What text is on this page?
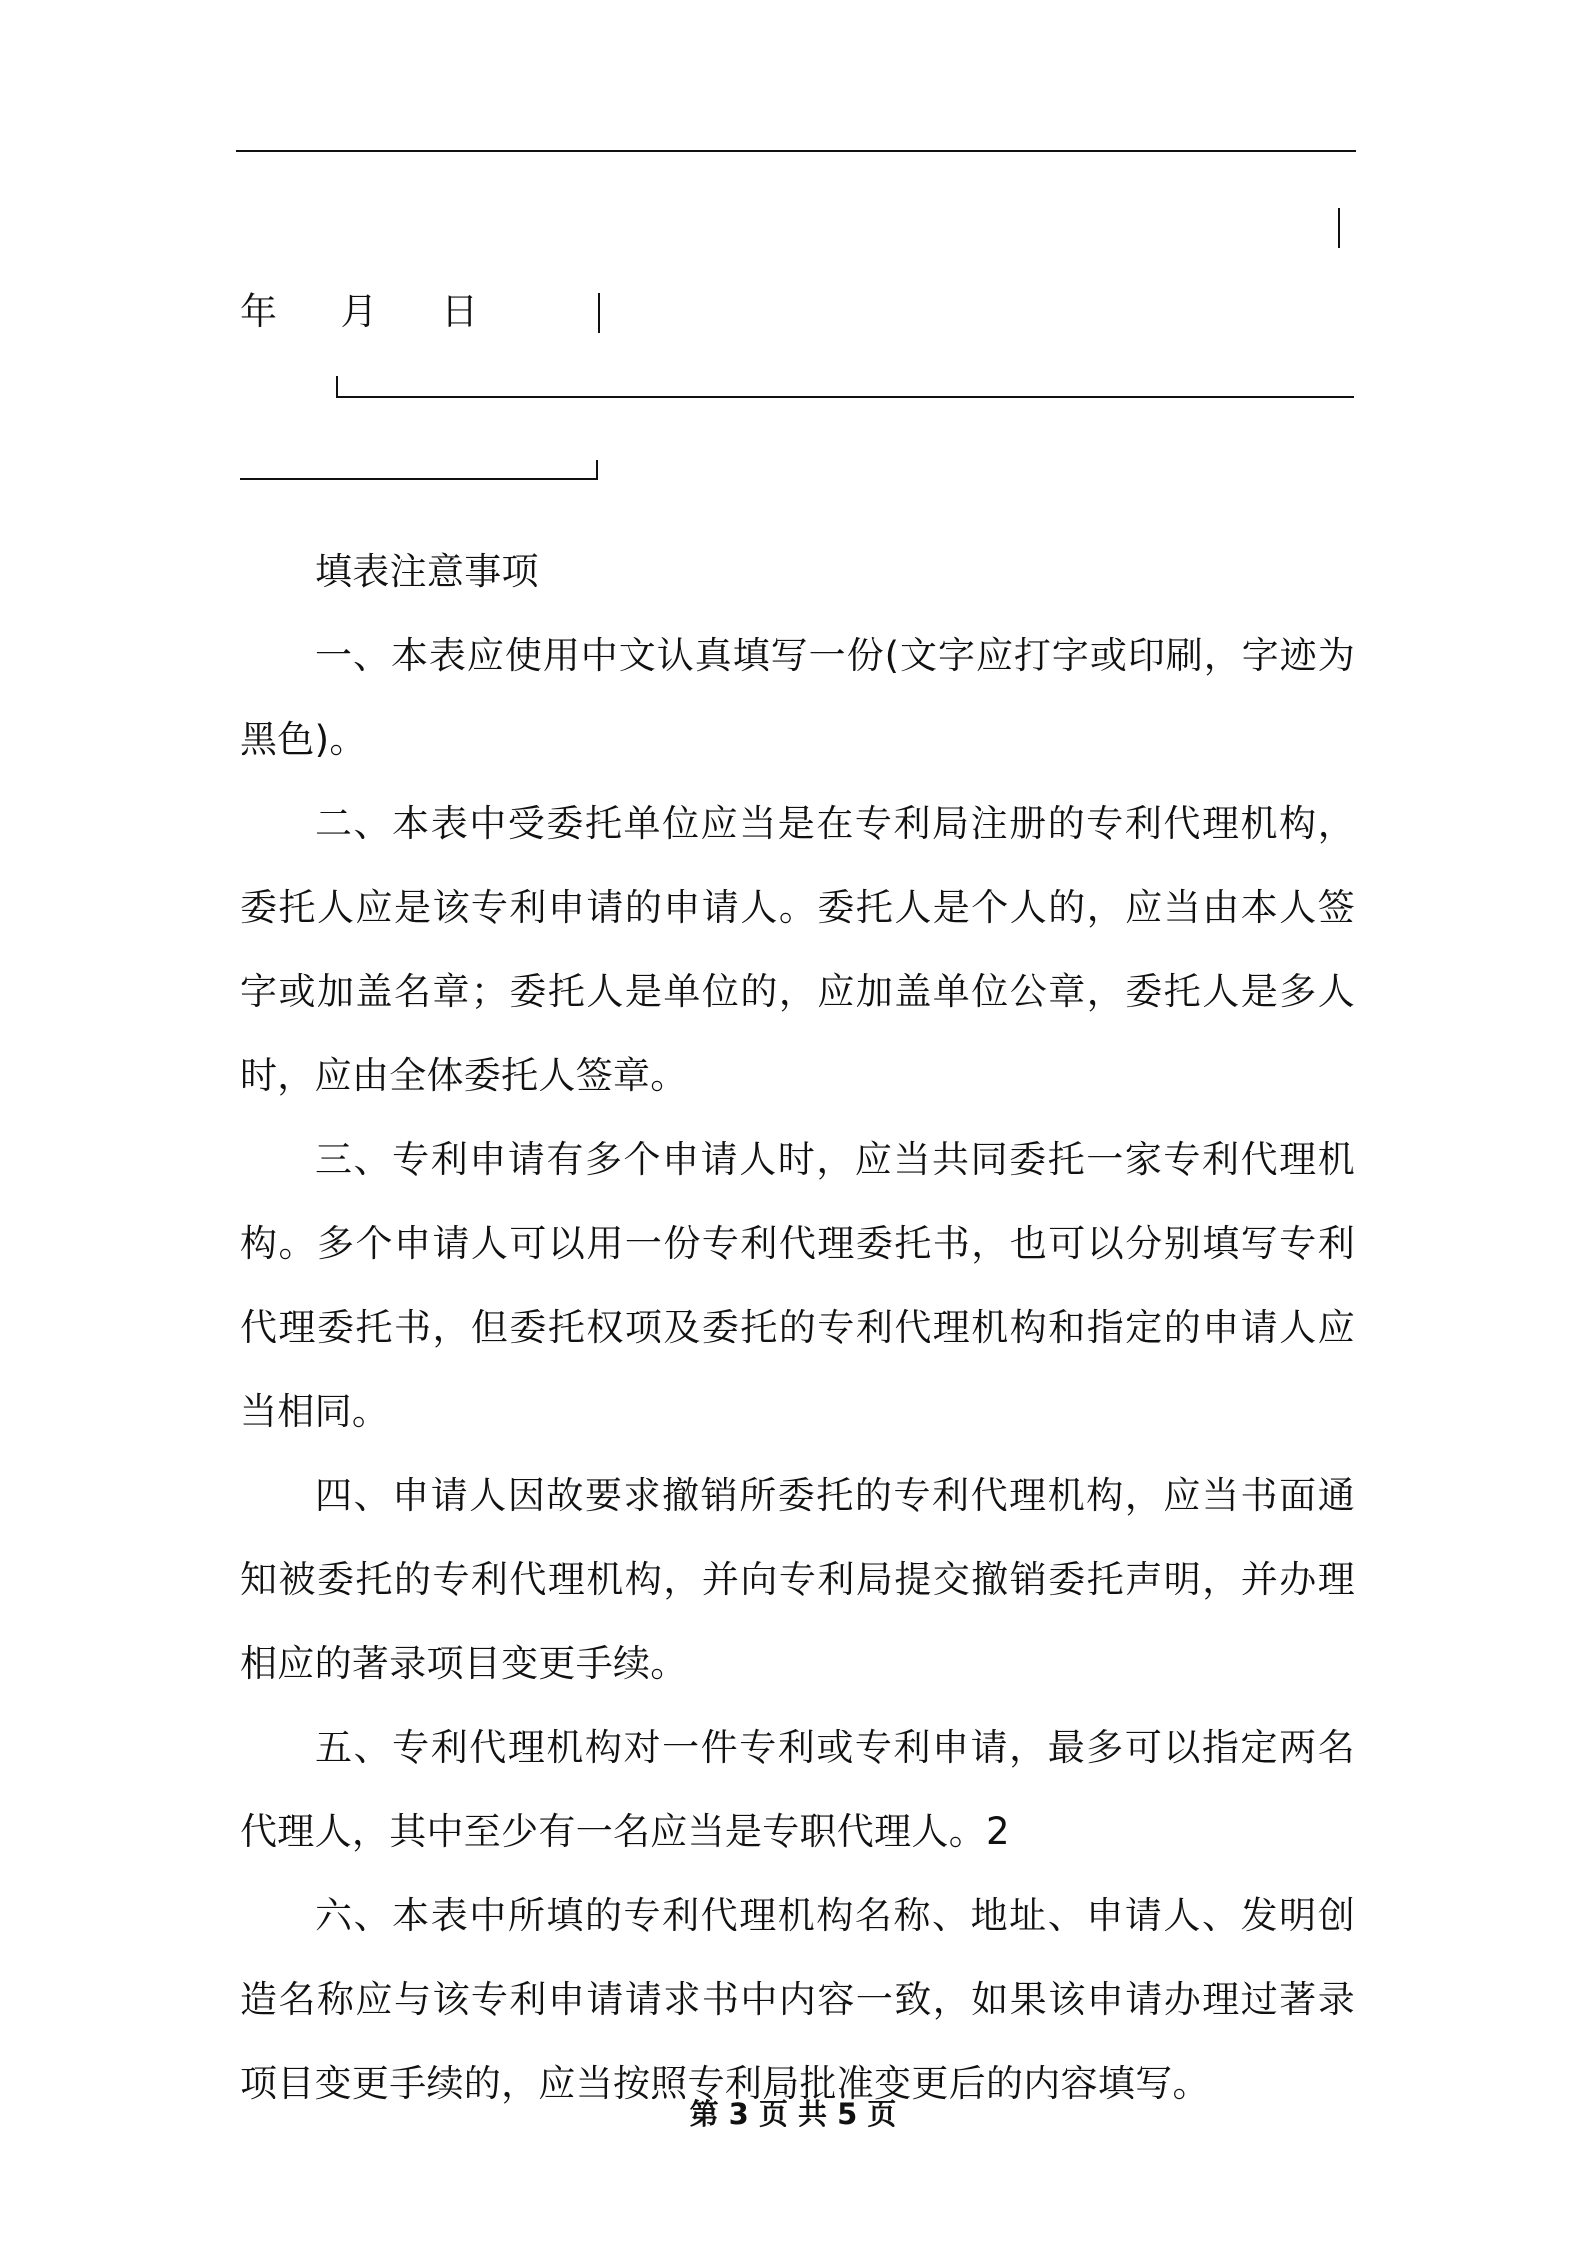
年 月 日

填表注意事项

一、本表应使用中文认真填写一份(文字应打字或印刷，字迹为黑色)。

二、本表中受委托单位应当是在专利局注册的专利代理机构，委托人应是该专利申请的申请人。委托人是个人的，应当由本人签字或加盖名章；委托人是单位的，应加盖单位公章，委托人是多人时，应由全体委托人签章。

三、专利申请有多个申请人时，应当共同委托一家专利代理机构。多个申请人可以用一份专利代理委托书，也可以分别填写专利代理委托书，但委托权项及委托的专利代理机构和指定的申请人应当相同。

四、申请人因故要求撤销所委托的专利代理机构，应当书面通知被委托的专利代理机构，并向专利局提交撤销委托声明，并办理相应的著录项目变更手续。

五、专利代理机构对一件专利或专利申请，最多可以指定两名代理人，其中至少有一名应当是专职代理人。2

六、本表中所填的专利代理机构名称、地址、申请人、发明创造名称应与该专利申请请求书中内容一致，如果该申请办理过著录项目变更手续的，应当按照专利局批准变更后的内容填写。

第 3 页 共 5 页
